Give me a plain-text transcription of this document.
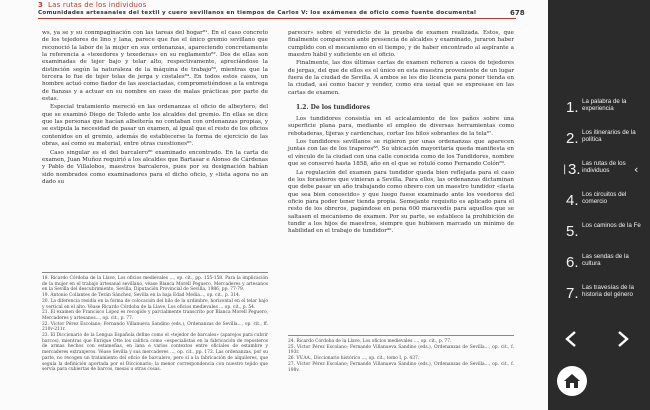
3 Las rutas de los individuos
Comunidades artesanales del textil y cuero sevillanos en tiempos de Carlos V: los exámenes de oficio como fuente documental	678

ws, ya se y su conmpaginación con las tareas del hogar⁸¹. En el caso concreto de los tejedores de lino y lana, parece que fue el único gremio sevillano que reconoció la labor de la mujer en sus ordenanzas, apareciendo concretamente la referencia a «texedores y texederas» en su reglamento⁸². Dos de ellas son examinadas de tejer bajo y telar alto, respectivamente, apreciándose la distinción según la naturaleza de la máquina de trabajo⁸³, mientras que la tercera lo fue de tejer telas de jerga y costales⁸⁴. En todos estos casos, un hombre actuó como fiador de las asociaciadas, comprometiéndose a la entrega de fianzas y a actuar en su nombre en caso de malas prácticas por parte de estas.

Especial tratamiento mereció en las ordenanzas el oficio de albeytero, del que se examinó Diego de Toledo ante los alcaldes del gremio. En ellas se dice que las personas que hacían albeitería no contaban con ordenanzas propias, y se estipula la necesidad de pasar un examen, al igual que el resto de los oficios contenidos en el gremio, además de establecerse la forma de ejercicio de las obras, así como su material, entre otras cuestiones⁸⁵.

Caso singular es el del barcalero⁸⁶ examinado encontrado. En la carta de examen, Juan Muñoz requirió a los alcaldes que Bartasar e Alonso de Cárdenas y Pablo de Villalobos, maestros barcaleros, pues por su designación habían sido nombrados como examinadores para el dicho oficio, y «lista agora no an dado su

18. Ricardo Córdoba de la Llave, Los oficios medievales ..., op. cit., pp. 155-158. Para la implicación de la mujer en el trabajo artesanal sevillano, véase Blanca Morell Peguero, Mercaderes y artesanos en la Sevilla del descubrimiento, Sevilla, Diputación Provincial de Sevilla, 1986, pp. 77-79.

19. Antonio Collantes de Terán Sánchez, Sevilla en la baja Edad Media..., op. cit., p. 314.

20. La diferencia residía en la forma de colocación del hilo de la urdimbre, horizontal en el telar bajo y vertical en el alto. Véase Ricardo Córdoba de la Llave, Los oficios medievales ... op. cit., p. 54.

21. El examen de Francisco López es recogido y parcialmente transcrito por Blanca Morell Peguero, Mercaderes y artesanos..., op. cit., p. 77.

22. Víctor Pérez Escolano; Fernando Villanueva Sandino (eds.), Ordenanzas de Sevilla..., op. cit., ff. 210v-211r.

23. El Diccionario de la Lengua Española define como el «tejedor de barcales» (aparejos para cubrir barcos), mientras que Enrique Otte los califica como «especialistas en la fabricación de reposteros de armas hechos con estameñas, en lana e varios contextos entre oficiales de estambre y mercaderes extranjeros. Véase Sevilla y sus mercaderes ..., op. cit., pp. 172. Las ordenanzas, por su parte, no recogen un tratamiento del oficio de barcalero, pero sí a la fabricación de alquileres, que seguía la definición aportada por el Diccionario; la menor correspondencia con nuestro tejido que servía para cubiertas de barcos, mesas u otras cosas.

parecer» sobre el veredicto de la prueba de examen realizada. Estos, que finalmente comparecen ante presencia de alcaldes y examinado, juraron haber cumplido con el mecanismo en el tiempo, y de haber encontrado al aspirante a maestro hábil y suficiente en el oficio.

Finalmente, las dos últimas cartas de examen refieren a casos de tejedores de jergas, del que de ellos es el único en esta muestra proveniente de un lugar fuera de la ciudad de Sevilla. A ambos se les dio licencia para poner tienda en la ciudad, así como hacer y vender, como era usual que se expresase en las cartas de examen.

1.2. De los tundidores

Los tundidores consistía en el acicalamiento de los paños sobre una superficie plana para, mediante el empleo de diversas herramientas como rebotaderas, tijeras y cardenchas, cortar los hilos sobrantes de la tela⁸⁷.

Los tundidores sevillanos se rigieron por unas ordenanzas que aparecen juntas con las de los traperos⁸⁸. Su ubicación mayoritaria queda manifiesta en el vínculo de la ciudad con una calle conocida como de los Tundidores, nombre que se conservó hasta 1858, año en el que se rotuló como Fernando Colón⁸⁹.

La regulación del examen para tundidor queda bien reflejada para el caso de los forasteros que vinieran a Sevilla. Para ellos, las ordenanzas dictaminan que debe pasar un año trabajando como obrero con un maestro tundidor «fasta que sea bien conoscido» y que luego fuese examinado ante los veedores del oficio para poder tener tienda propia. Semejante requisito es aplicado para el resto de los obreros, pagándose en pena 600 maravedís para aquellos que se saltasen el mecanismo de examen. Por su parte, se establece la prohibición de tundir a los hijos de maestros, siempre que hubiesen marcado un mínimo de habilidad en el trabajo de tundidor⁹⁰.

24. Ricardo Córdoba de la Llave, Los oficios medievales ..., op. cit., p. 77.

25. Víctor Pérez Escolano; Fernando Villanueva Sandino (eds.), Ordenanzas de Sevilla..., op. cit., f. 193r.

26. VV.AA., Diccionario histórico ..., op. cit., tomo I, p. 437.

27. Víctor Pérez Escolano; Fernando Villanueva Sandino (eds.), Ordenanzas de Sevilla..., op. cit., f. 198v.

1. La palabra de la experiencia
2. Los itinerarios de la política
| 3. Las rutas de los individuos	‹
4. Los circuitos del comercio
5. Los caminos de la Fe
6. Las sendas de la cultura
7. Las travesías de la historia del género
